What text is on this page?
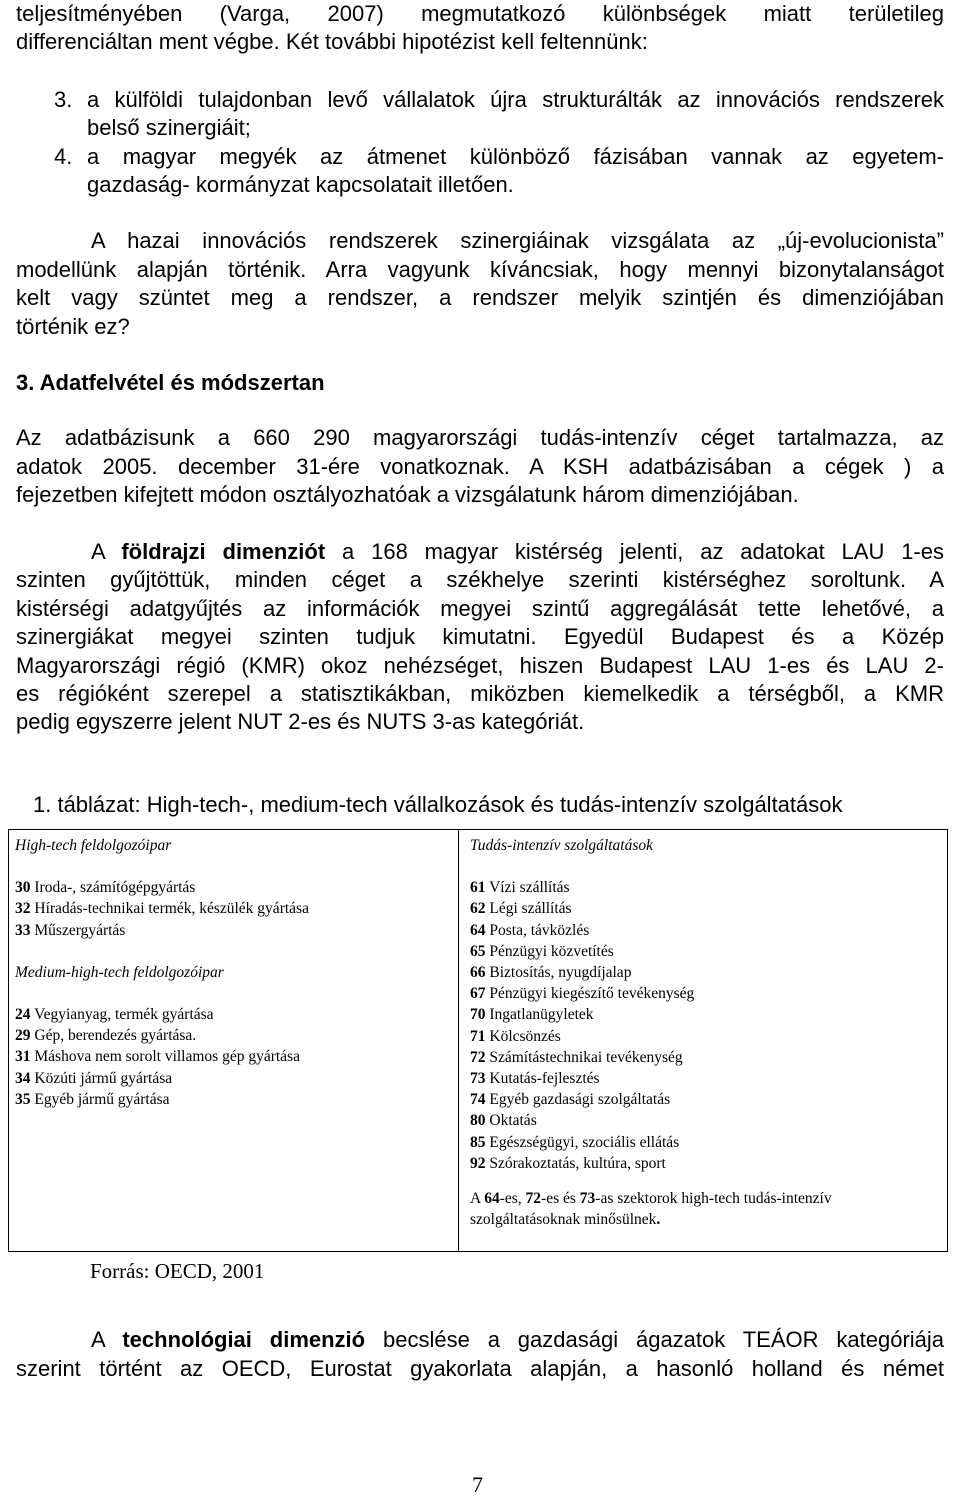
teljesítményében (Varga, 2007) megmutatkozó különbségek miatt területileg
differenciáltan ment végbe. Két további hipotézist kell feltennünk:
3. a külföldi tulajdonban levő vállalatok újra strukturálták az innovációs rendszerek
belső szinergiáit;
4. a magyar megyék az átmenet különböző fázisában vannak az egyetem-
gazdaság- kormányzat kapcsolatait illetően.
A hazai innovációs rendszerek szinergiáinak vizsgálata az „új-evolucionista”
modellünk alapján történik. Arra vagyunk kíváncsiak, hogy mennyi bizonytalanságot
kelt vagy szüntet meg a rendszer, a rendszer melyik szintjén és dimenziójában
történik ez?
3. Adatfelvétel és módszertan
Az adatbázisunk a 660 290 magyarországi tudás-intenzív céget tartalmazza, az
adatok 2005. december 31-ére vonatkoznak. A KSH adatbázisában a cégek ) a
fejezetben kifejtett módon osztályozhatóak a vizsgálatunk három dimenziójában.
A földrajzi dimenziót a 168 magyar kistérség jelenti, az adatokat LAU 1-es
szinten gyűjtöttük, minden céget a székhelye szerinti kistérséghez soroltunk. A
kistérségi adatgyűjtés az információk megyei szintű aggregálását tette lehetővé, a
szinergiákat megyei szinten tudjuk kimutatni. Egyedül Budapest és a Közép
Magyarországi régió (KMR) okoz nehézséget, hiszen Budapest LAU 1-es és LAU 2-
es régióként szerepel a statisztikákban, miközben kiemelkedik a térségből, a KMR
pedig egyszerre jelent NUT 2-es és NUTS 3-as kategóriát.
1. táblázat: High-tech-, medium-tech vállalkozások és tudás-intenzív szolgáltatások
High-tech feldolgozóipar
30 Iroda-, számítógépgyártás
32 Híradás-technikai termék, készülék gyártása
33 Műszergyártás
Medium-high-tech feldolgozóipar
24 Vegyianyag, termék gyártása
29 Gép, berendezés gyártása.
31 Máshova nem sorolt villamos gép gyártása
34 Közúti jármű gyártása
35 Egyéb jármű gyártása
Tudás-intenzív szolgáltatások
61 Vízi szállítás
62 Légi szállítás
64 Posta, távközlés
65 Pénzügyi közvetítés
66 Biztosítás, nyugdíjalap
67 Pénzügyi kiegészítő tevékenység
70 Ingatlanügyletek
71 Kölcsönzés
72 Számítástechnikai tevékenység
73 Kutatás-fejlesztés
74 Egyéb gazdasági szolgáltatás
80 Oktatás
85 Egészségügyi, szociális ellátás
92 Szórakoztatás, kultúra, sport
A 64-es, 72-es és 73-as szektorok high-tech tudás-intenzív
szolgáltatásoknak minősülnek.
Forrás: OECD, 2001
A technológiai dimenzió becslése a gazdasági ágazatok TEÁOR kategóriája
szerint történt az OECD, Eurostat gyakorlata alapján, a hasonló holland és német
7
